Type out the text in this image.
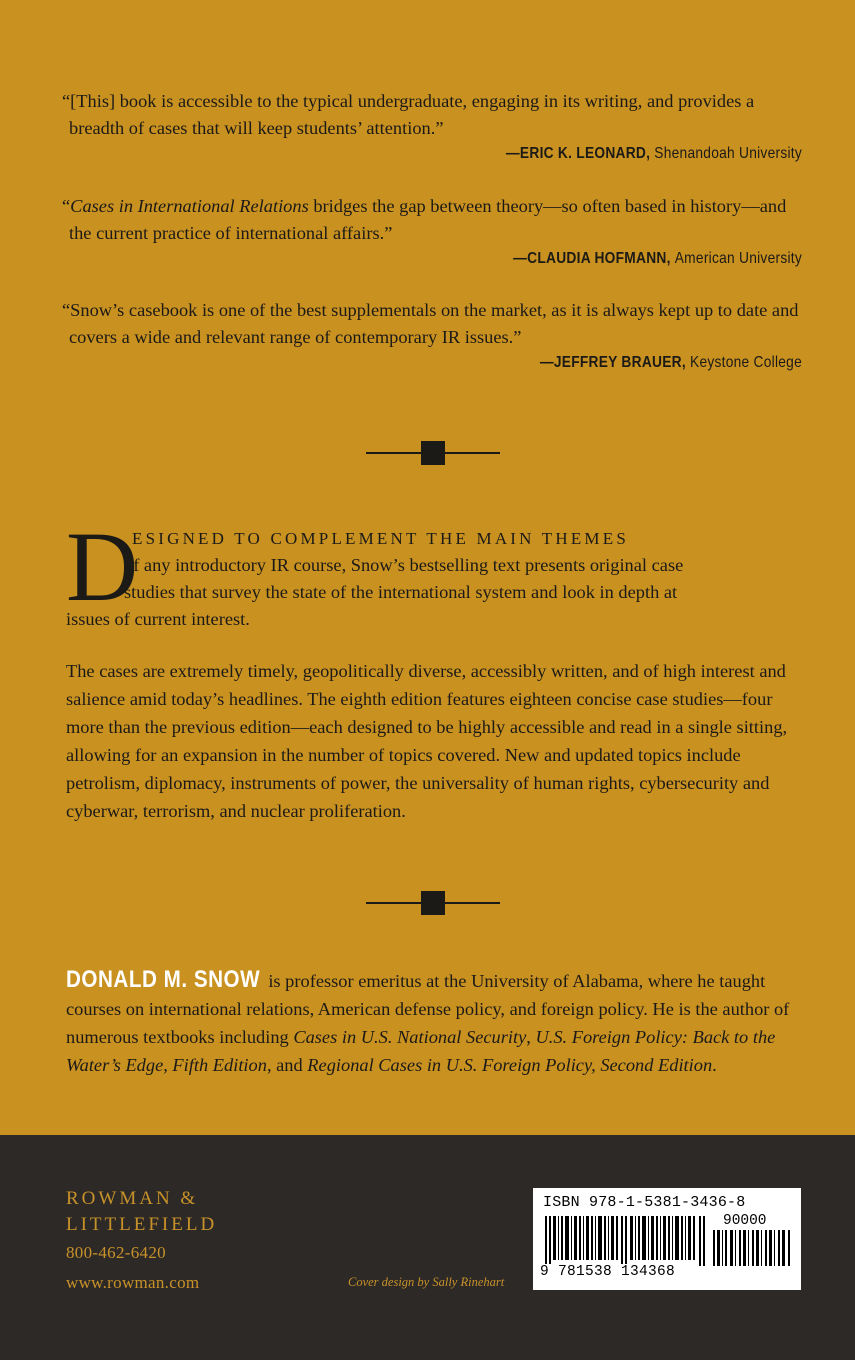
“[This] book is accessible to the typical undergraduate, engaging in its writing, and provides a breadth of cases that will keep students’ attention.”

—ERIC K. LEONARD, Shenandoah University

“Cases in International Relations bridges the gap between theory—so often based in history—and the current practice of international affairs.”

—CLAUDIA HOFMANN, American University

“Snow’s casebook is one of the best supplementals on the market, as it is always kept up to date and covers a wide and relevant range of contemporary IR issues.”

—JEFFREY BRAUER, Keystone College
D
ESIGNED TO COMPLEMENT THE MAIN THEMES
of any introductory IR course, Snow’s bestselling text presents original case
studies that survey the state of the international system and look in depth at
issues of current interest.

The cases are extremely timely, geopolitically diverse, accessibly written, and of high interest and salience amid today’s headlines. The eighth edition features eighteen concise case studies—four more than the previous edition—each designed to be highly accessible and read in a single sitting, allowing for an expansion in the number of topics covered. New and updated topics include petrolism, diplomacy, instruments of power, the universality of human rights, cybersecurity and cyberwar, terrorism, and nuclear proliferation.

DONALD M. SNOW is professor emeritus at the University of Alabama, where he taught courses on international relations, American defense policy, and foreign policy. He is the author of numerous textbooks including Cases in U.S. National Security, U.S. Foreign Policy: Back to the Water’s Edge, Fifth Edition, and Regional Cases in U.S. Foreign Policy, Second Edition.

ROWMAN &
LITTLEFIELD
800-462-6420
www.rowman.com	Cover design by Sally Rinehart
ISBN 978-1-5381-3436-8
90000
9 781538 134368
